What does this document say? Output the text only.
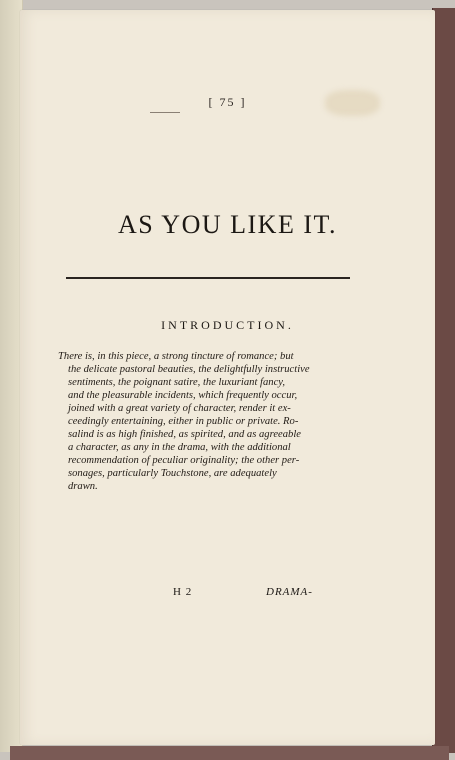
[ 75 ]
AS YOU LIKE IT.
INTRODUCTION.
There is, in this piece, a strong tincture of romance; but
the delicate pastoral beauties, the delightfully instructive
sentiments, the poignant satire, the luxuriant fancy,
and the pleasurable incidents, which frequently occur,
joined with a great variety of character, render it ex-
ceedingly entertaining, either in public or private. Ro-
salind is as high finished, as spirited, and as agreeable
a character, as any in the drama, with the additional
recommendation of peculiar originality; the other per-
sonages, particularly Touchstone, are adequately
drawn.
H 2	DRAMA-
